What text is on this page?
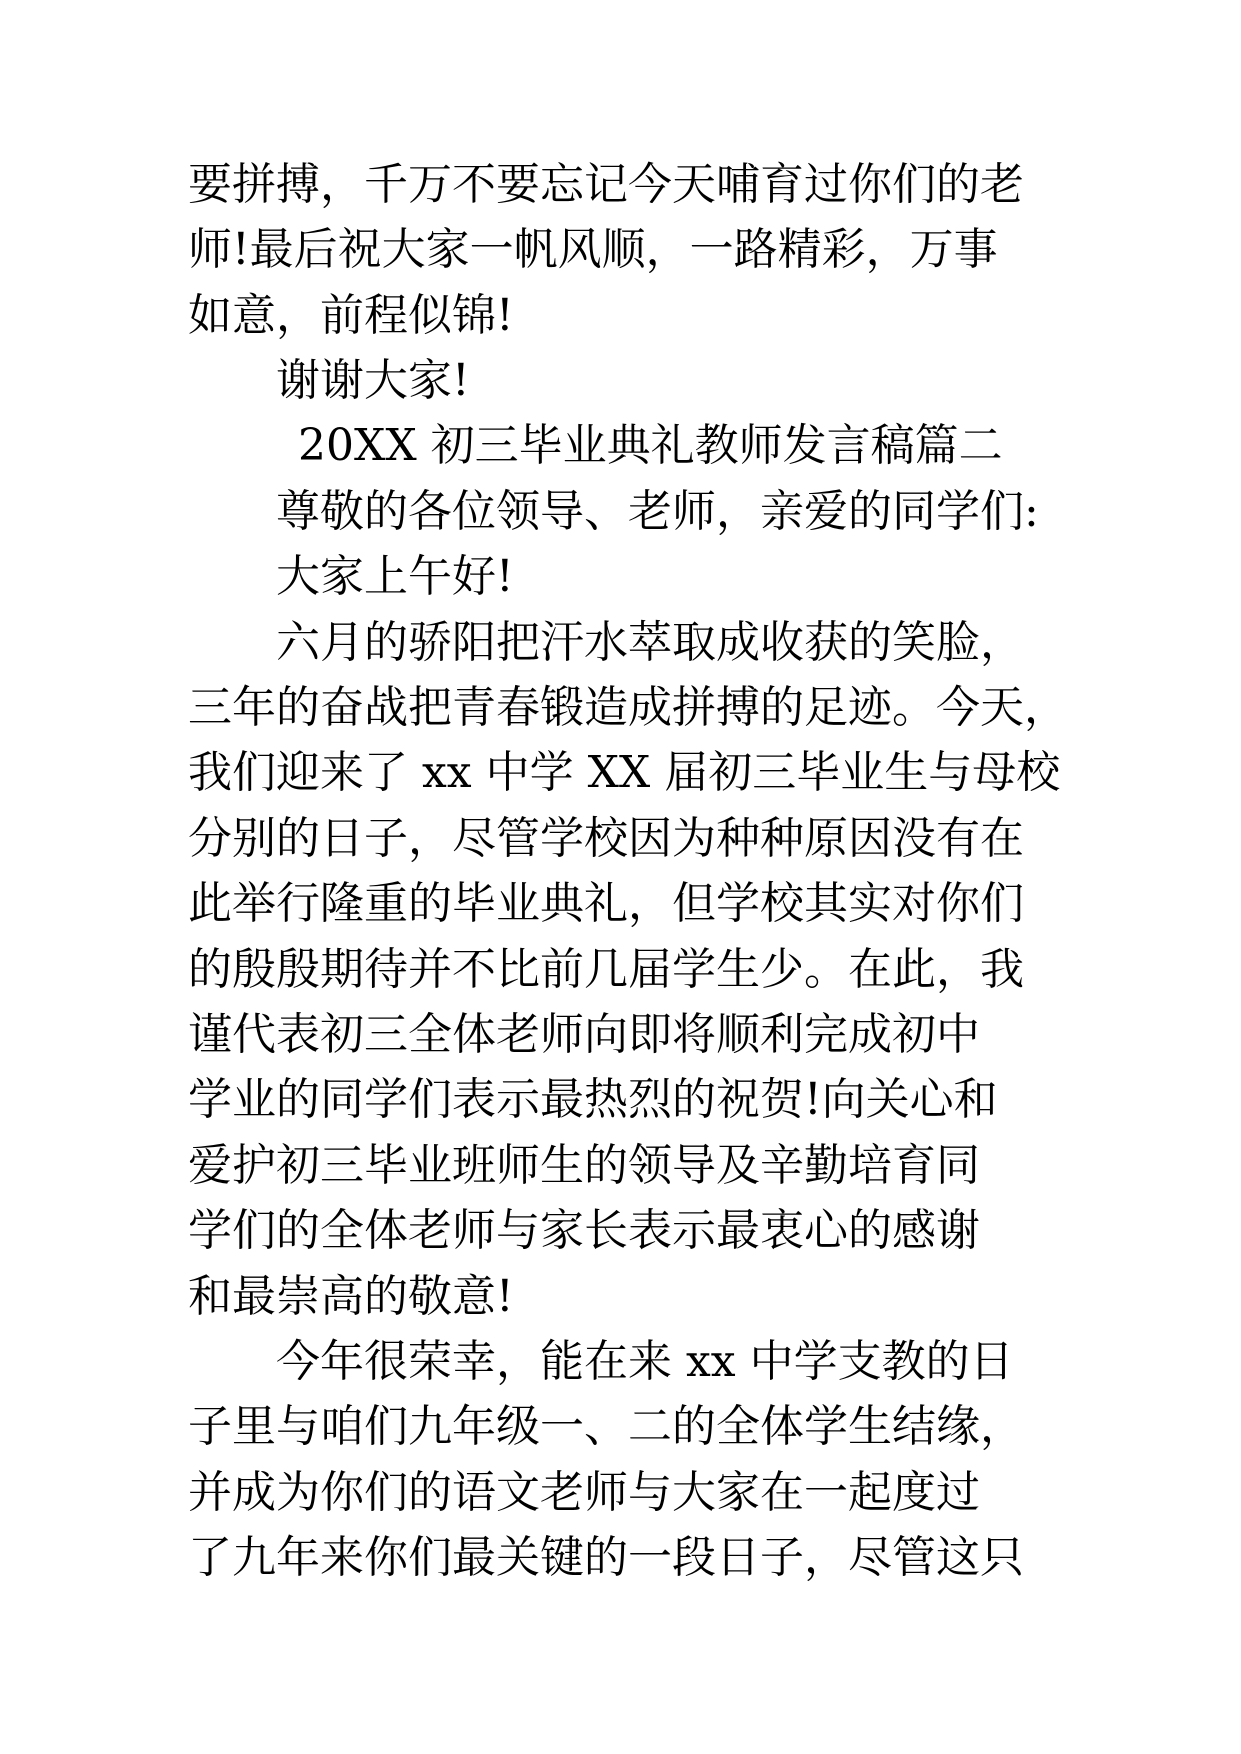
要拼搏，千万不要忘记今天哺育过你们的老
师!最后祝大家一帆风顺，一路精彩，万事
如意，前程似锦!
谢谢大家!
20XX 初三毕业典礼教师发言稿篇二
尊敬的各位领导、老师，亲爱的同学们:
大家上午好!
六月的骄阳把汗水萃取成收获的笑脸，
三年的奋战把青春锻造成拼搏的足迹。今天，
我们迎来了 xx 中学 XX 届初三毕业生与母校
分别的日子，尽管学校因为种种原因没有在
此举行隆重的毕业典礼，但学校其实对你们
的殷殷期待并不比前几届学生少。在此，我
谨代表初三全体老师向即将顺利完成初中
学业的同学们表示最热烈的祝贺!向关心和
爱护初三毕业班师生的领导及辛勤培育同
学们的全体老师与家长表示最衷心的感谢
和最崇高的敬意!
今年很荣幸，能在来 xx 中学支教的日
子里与咱们九年级一、二的全体学生结缘，
并成为你们的语文老师与大家在一起度过
了九年来你们最关键的一段日子，尽管这只
